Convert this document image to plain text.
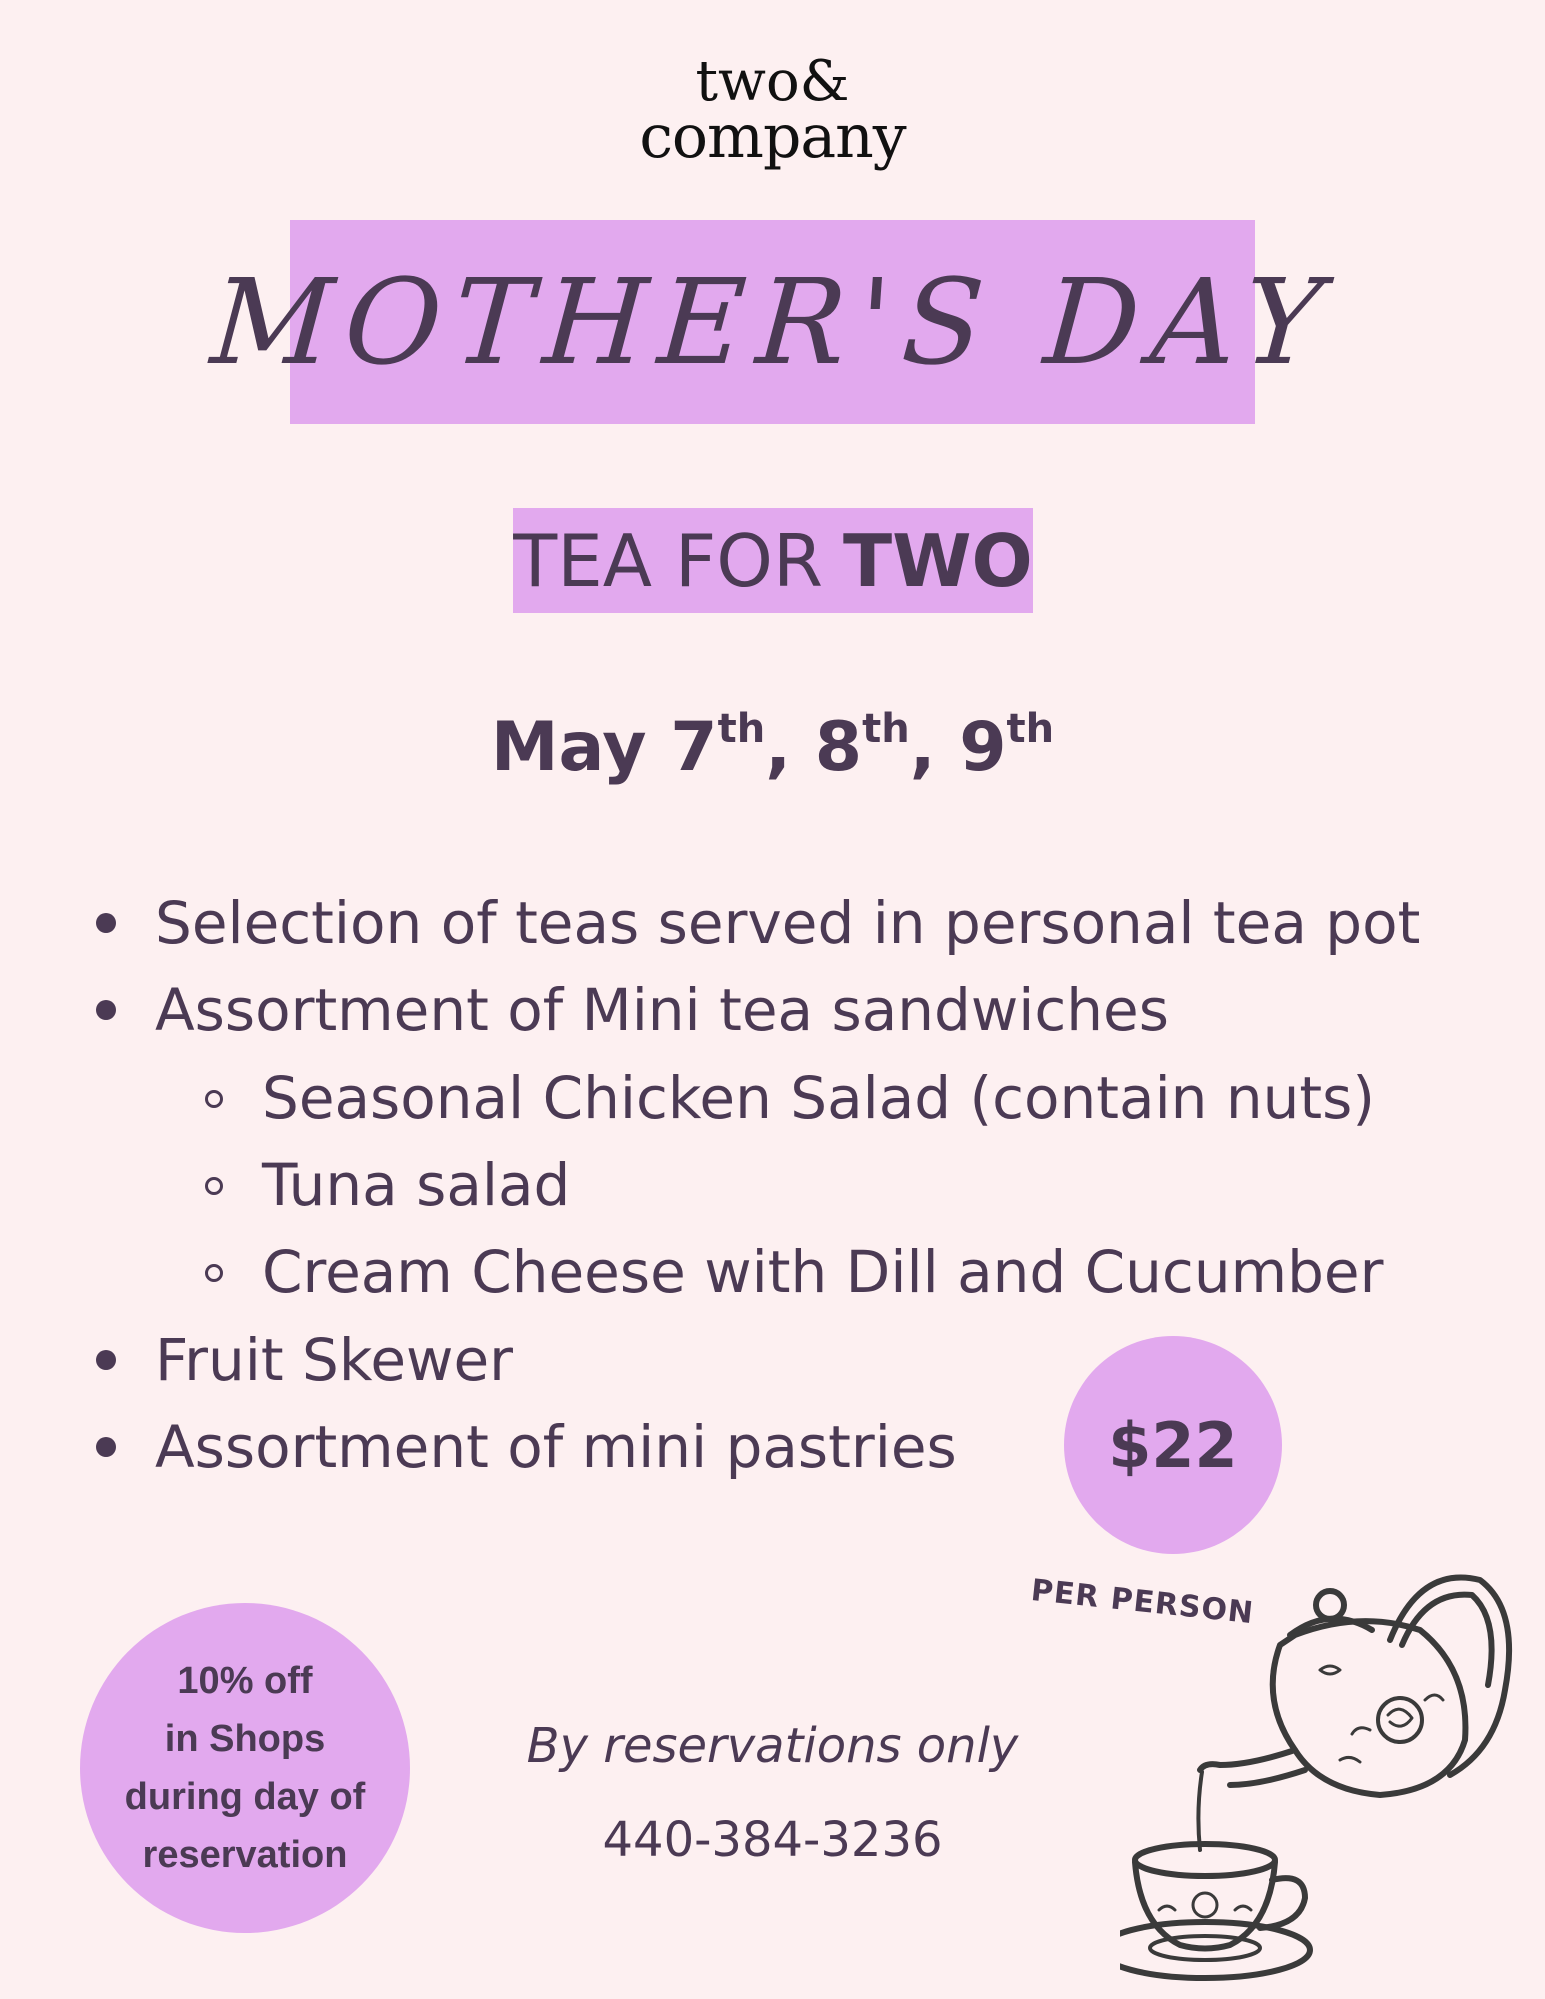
two&
company
MOTHER'S DAY
TEA FOR TWO
May 7th, 8th, 9th
Selection of teas served in personal tea pot
Assortment of Mini tea sandwiches
Seasonal Chicken Salad (contain nuts)
Tuna salad
Cream Cheese with Dill and Cucumber
Fruit Skewer
Assortment of mini pastries $22
PER PERSON
10% off
in Shops
during day of
reservation
By reservations only
440-384-3236
